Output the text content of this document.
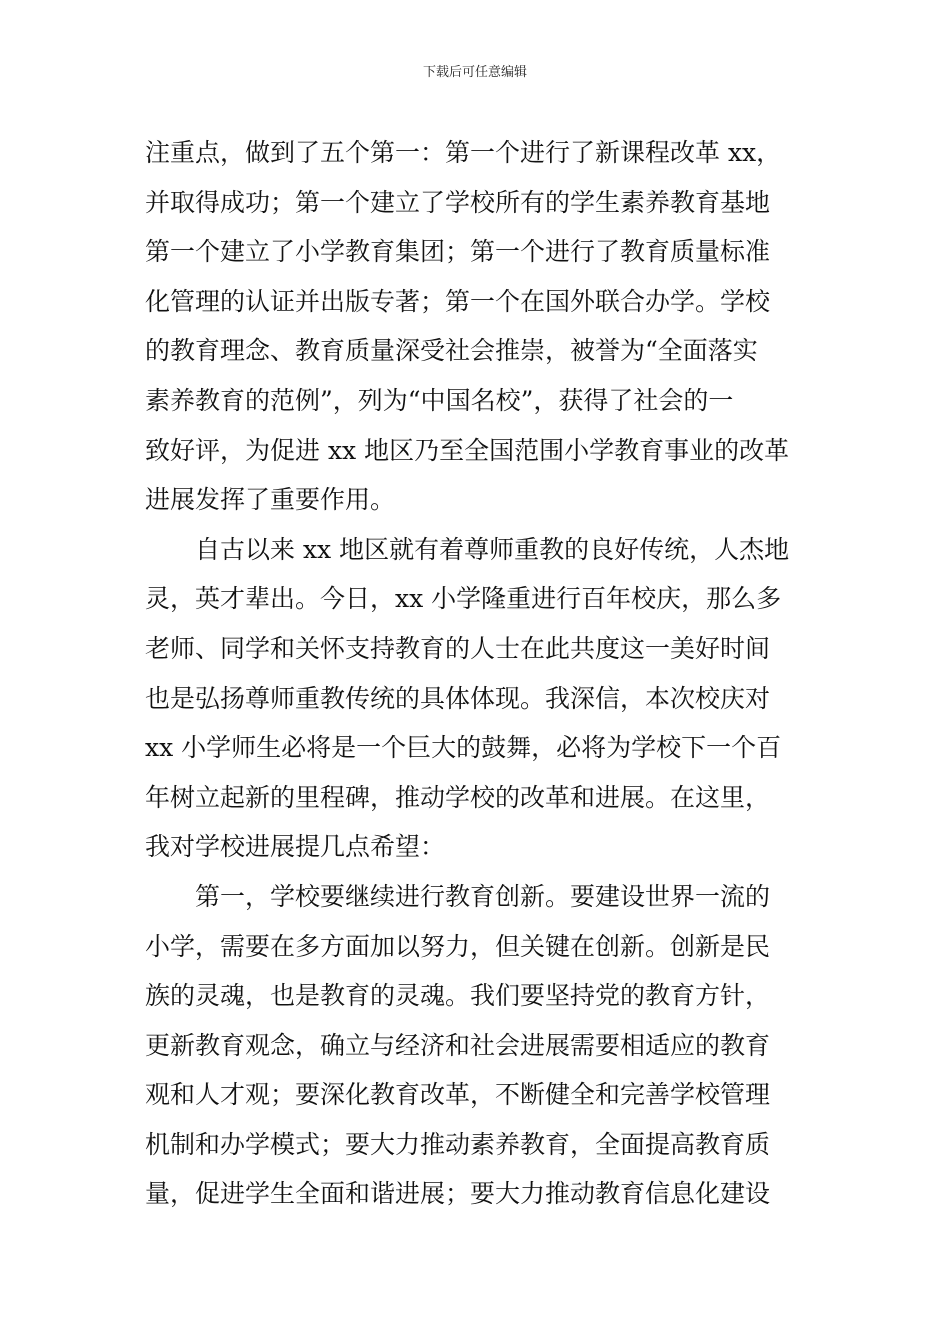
下载后可任意编辑
注重点，做到了五个第一：第一个进行了新课程改革 xx，
并取得成功；第一个建立了学校所有的学生素养教育基地
第一个建立了小学教育集团；第一个进行了教育质量标准
化管理的认证并出版专著；第一个在国外联合办学。学校
的教育理念、教育质量深受社会推崇，被誉为“全面落实
素养教育的范例”，列为“中国名校”，获得了社会的一
致好评，为促进 xx 地区乃至全国范围小学教育事业的改革
进展发挥了重要作用。
自古以来 xx 地区就有着尊师重教的良好传统，人杰地
灵，英才辈出。今日，xx 小学隆重进行百年校庆，那么多
老师、同学和关怀支持教育的人士在此共度这一美好时间
也是弘扬尊师重教传统的具体体现。我深信，本次校庆对
xx 小学师生必将是一个巨大的鼓舞，必将为学校下一个百
年树立起新的里程碑，推动学校的改革和进展。在这里，
我对学校进展提几点希望：
第一，学校要继续进行教育创新。要建设世界一流的
小学，需要在多方面加以努力，但关键在创新。创新是民
族的灵魂，也是教育的灵魂。我们要坚持党的教育方针，
更新教育观念，确立与经济和社会进展需要相适应的教育
观和人才观；要深化教育改革，不断健全和完善学校管理
机制和办学模式；要大力推动素养教育，全面提高教育质
量，促进学生全面和谐进展；要大力推动教育信息化建设
